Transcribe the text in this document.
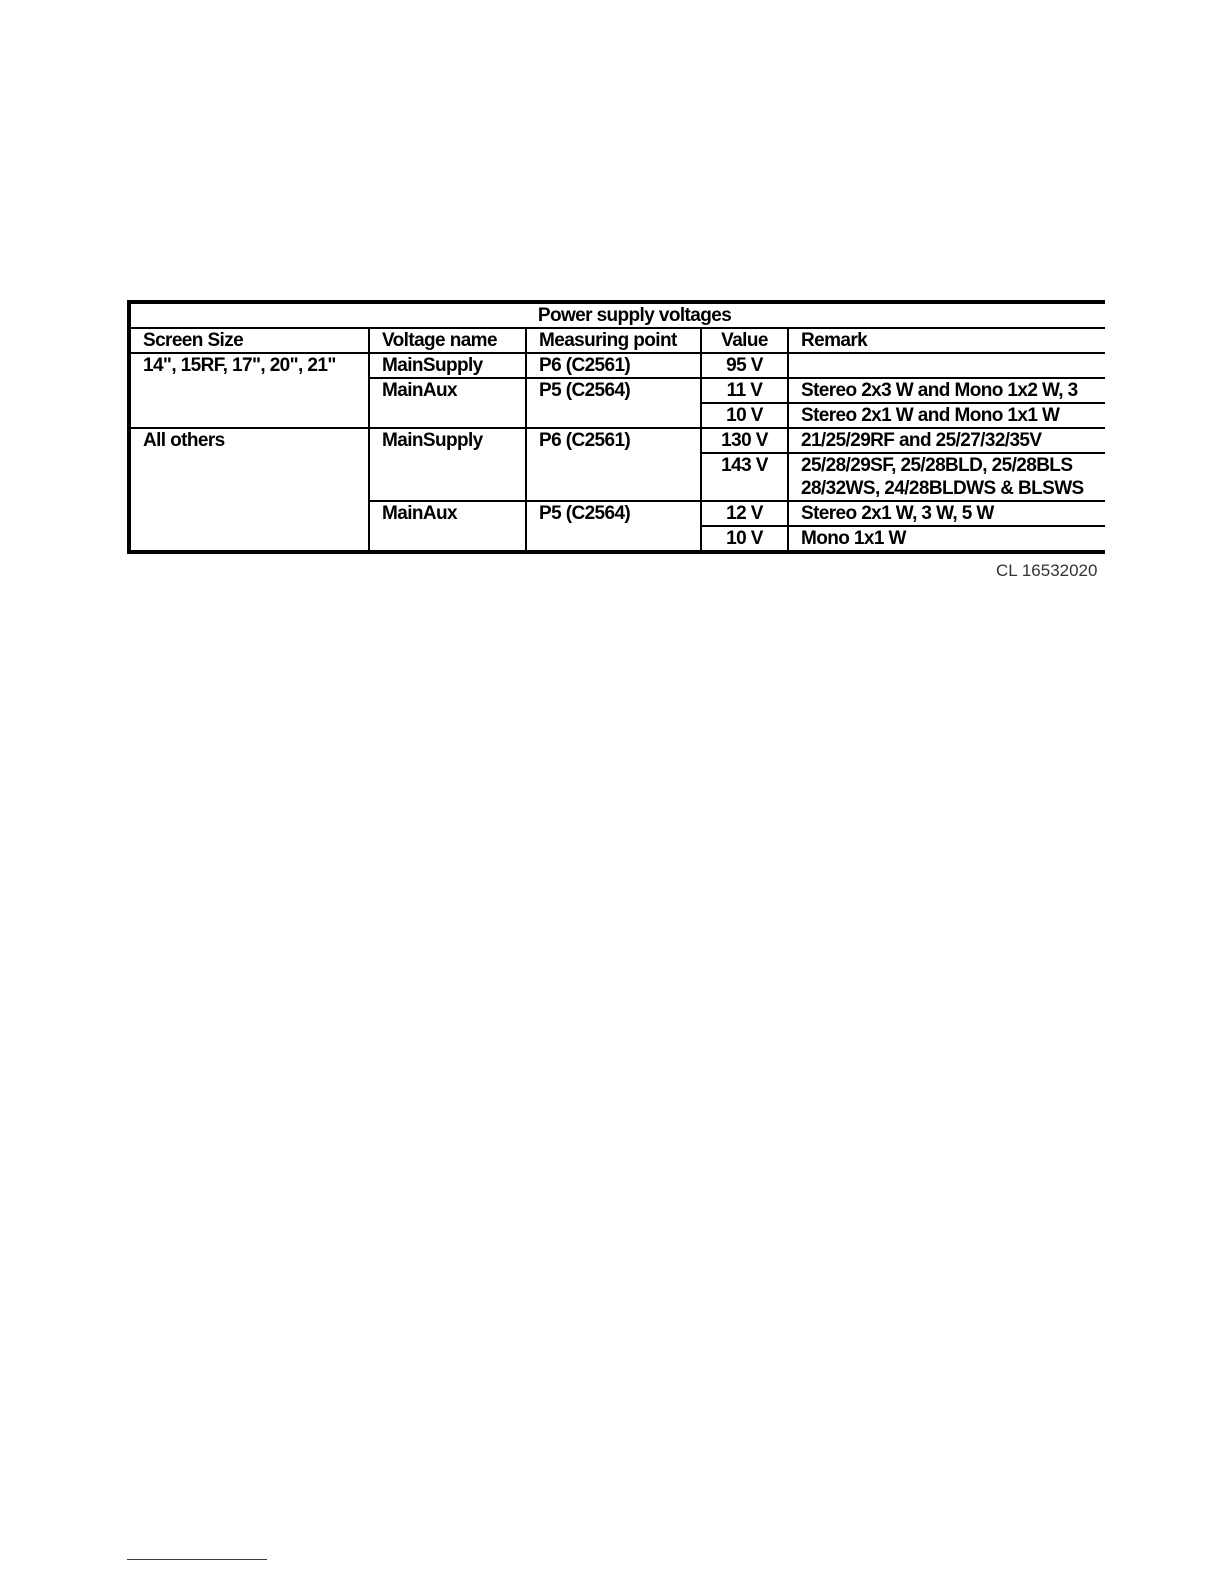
Power supply voltages				
Screen Size	Voltage name	Measuring point	Value	Remark
14", 15RF, 17", 20", 21"	MainSupply	P6 (C2561)	95 V	
	MainAux	P5 (C2564)	11 V	Stereo 2x3 W and Mono 1x2 W, 3
			10 V	Stereo 2x1 W and Mono 1x1 W
All others	MainSupply	P6 (C2561)	130 V	21/25/29RF and 25/27/32/35V
			143 V	25/28/29SF, 25/28BLD, 25/28BLS
28/32WS, 24/28BLDWS & BLSWS

	MainAux	P5 (C2564)	12 V	Stereo 2x1 W, 3 W, 5 W
			10 V	Mono 1x1 W
CL 16532020
